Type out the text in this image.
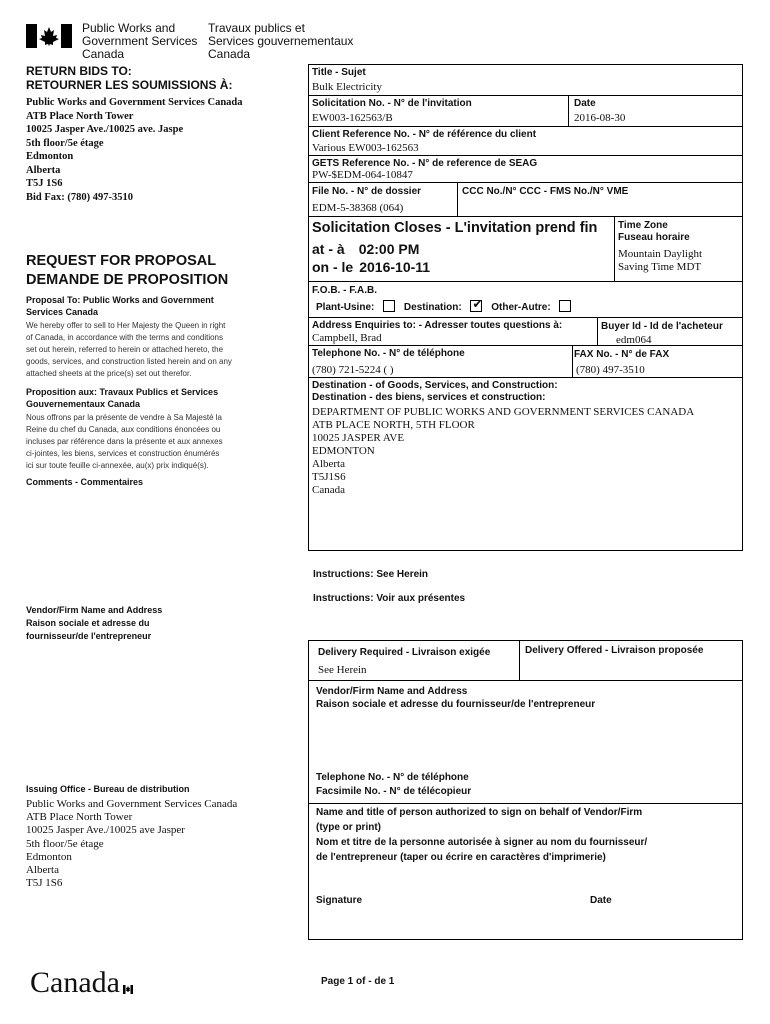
Public Works and
Government Services
Canada
Travaux publics et
Services gouvernementaux
Canada
RETURN BIDS TO:
RETOURNER LES SOUMISSIONS À:
Public Works and Government Services Canada
ATB Place North Tower
10025 Jasper Ave./10025 ave. Jaspe
5th floor/5e étage
Edmonton
Alberta
T5J 1S6
Bid Fax: (780) 497-3510
REQUEST FOR PROPOSAL
DEMANDE DE PROPOSITION
Proposal To: Public Works and Government
Services Canada
We hereby offer to sell to Her Majesty the Queen in right
of Canada, in accordance with the terms and conditions
set out herein, referred to herein or attached hereto, the
goods, services, and construction listed herein and on any
attached sheets at the price(s) set out therefor.
Proposition aux: Travaux Publics et Services
Gouvernementaux Canada
Nous offrons par la présente de vendre à Sa Majesté la
Reine du chef du Canada, aux conditions énoncées ou
incluses par référence dans la présente et aux annexes
ci-jointes, les biens, services et construction énumérés
ici sur toute feuille ci-annexée, au(x) prix indiqué(s).
Comments - Commentaires
Vendor/Firm Name and Address
Raison sociale et adresse du
fournisseur/de l'entrepreneur
Issuing Office - Bureau de distribution
Public Works and Government Services Canada
ATB Place North Tower
10025 Jasper Ave./10025 ave Jasper
5th floor/5e étage
Edmonton
Alberta
T5J 1S6
Title - Sujet
Bulk Electricity
Solicitation No. - N° de l'invitation
EW003-162563/B
Date
2016-08-30
Client Reference No. - N° de référence du client
Various EW003-162563
GETS Reference No. - N° de reference de SEAG
PW-$EDM-064-10847
File No. - N° de dossier
EDM-5-38368 (064)
CCC No./N° CCC - FMS No./N° VME
Solicitation Closes - L'invitation prend fin
at - à 02:00 PM
on - le 2016-10-11
Time Zone
Fuseau horaire
Mountain Daylight
Saving Time MDT
F.O.B. - F.A.B.
Plant-Usine:	Destination: ✔ Other-Autre:
Address Enquiries to: - Adresser toutes questions à:
Campbell, Brad
Buyer Id - Id de l'acheteur
edm064
Telephone No. - N° de téléphone
(780) 721-5224 ( )
FAX No. - N° de FAX
(780) 497-3510
Destination - of Goods, Services, and Construction:
Destination - des biens, services et construction:
DEPARTMENT OF PUBLIC WORKS AND GOVERNMENT SERVICES CANADA
ATB PLACE NORTH, 5TH FLOOR
10025 JASPER AVE
EDMONTON
Alberta
T5J1S6
Canada
Instructions: See Herein
Instructions: Voir aux présentes
Delivery Required - Livraison exigée
See Herein
Delivery Offered - Livraison proposée
Vendor/Firm Name and Address
Raison sociale et adresse du fournisseur/de l'entrepreneur
Telephone No. - N° de téléphone
Facsimile No. - N° de télécopieur
Name and title of person authorized to sign on behalf of Vendor/Firm
(type or print)
Nom et titre de la personne autorisée à signer au nom du fournisseur/
de l'entrepreneur (taper ou écrire en caractères d'imprimerie)
Signature	Date
Canada	Page 1 of - de 1
